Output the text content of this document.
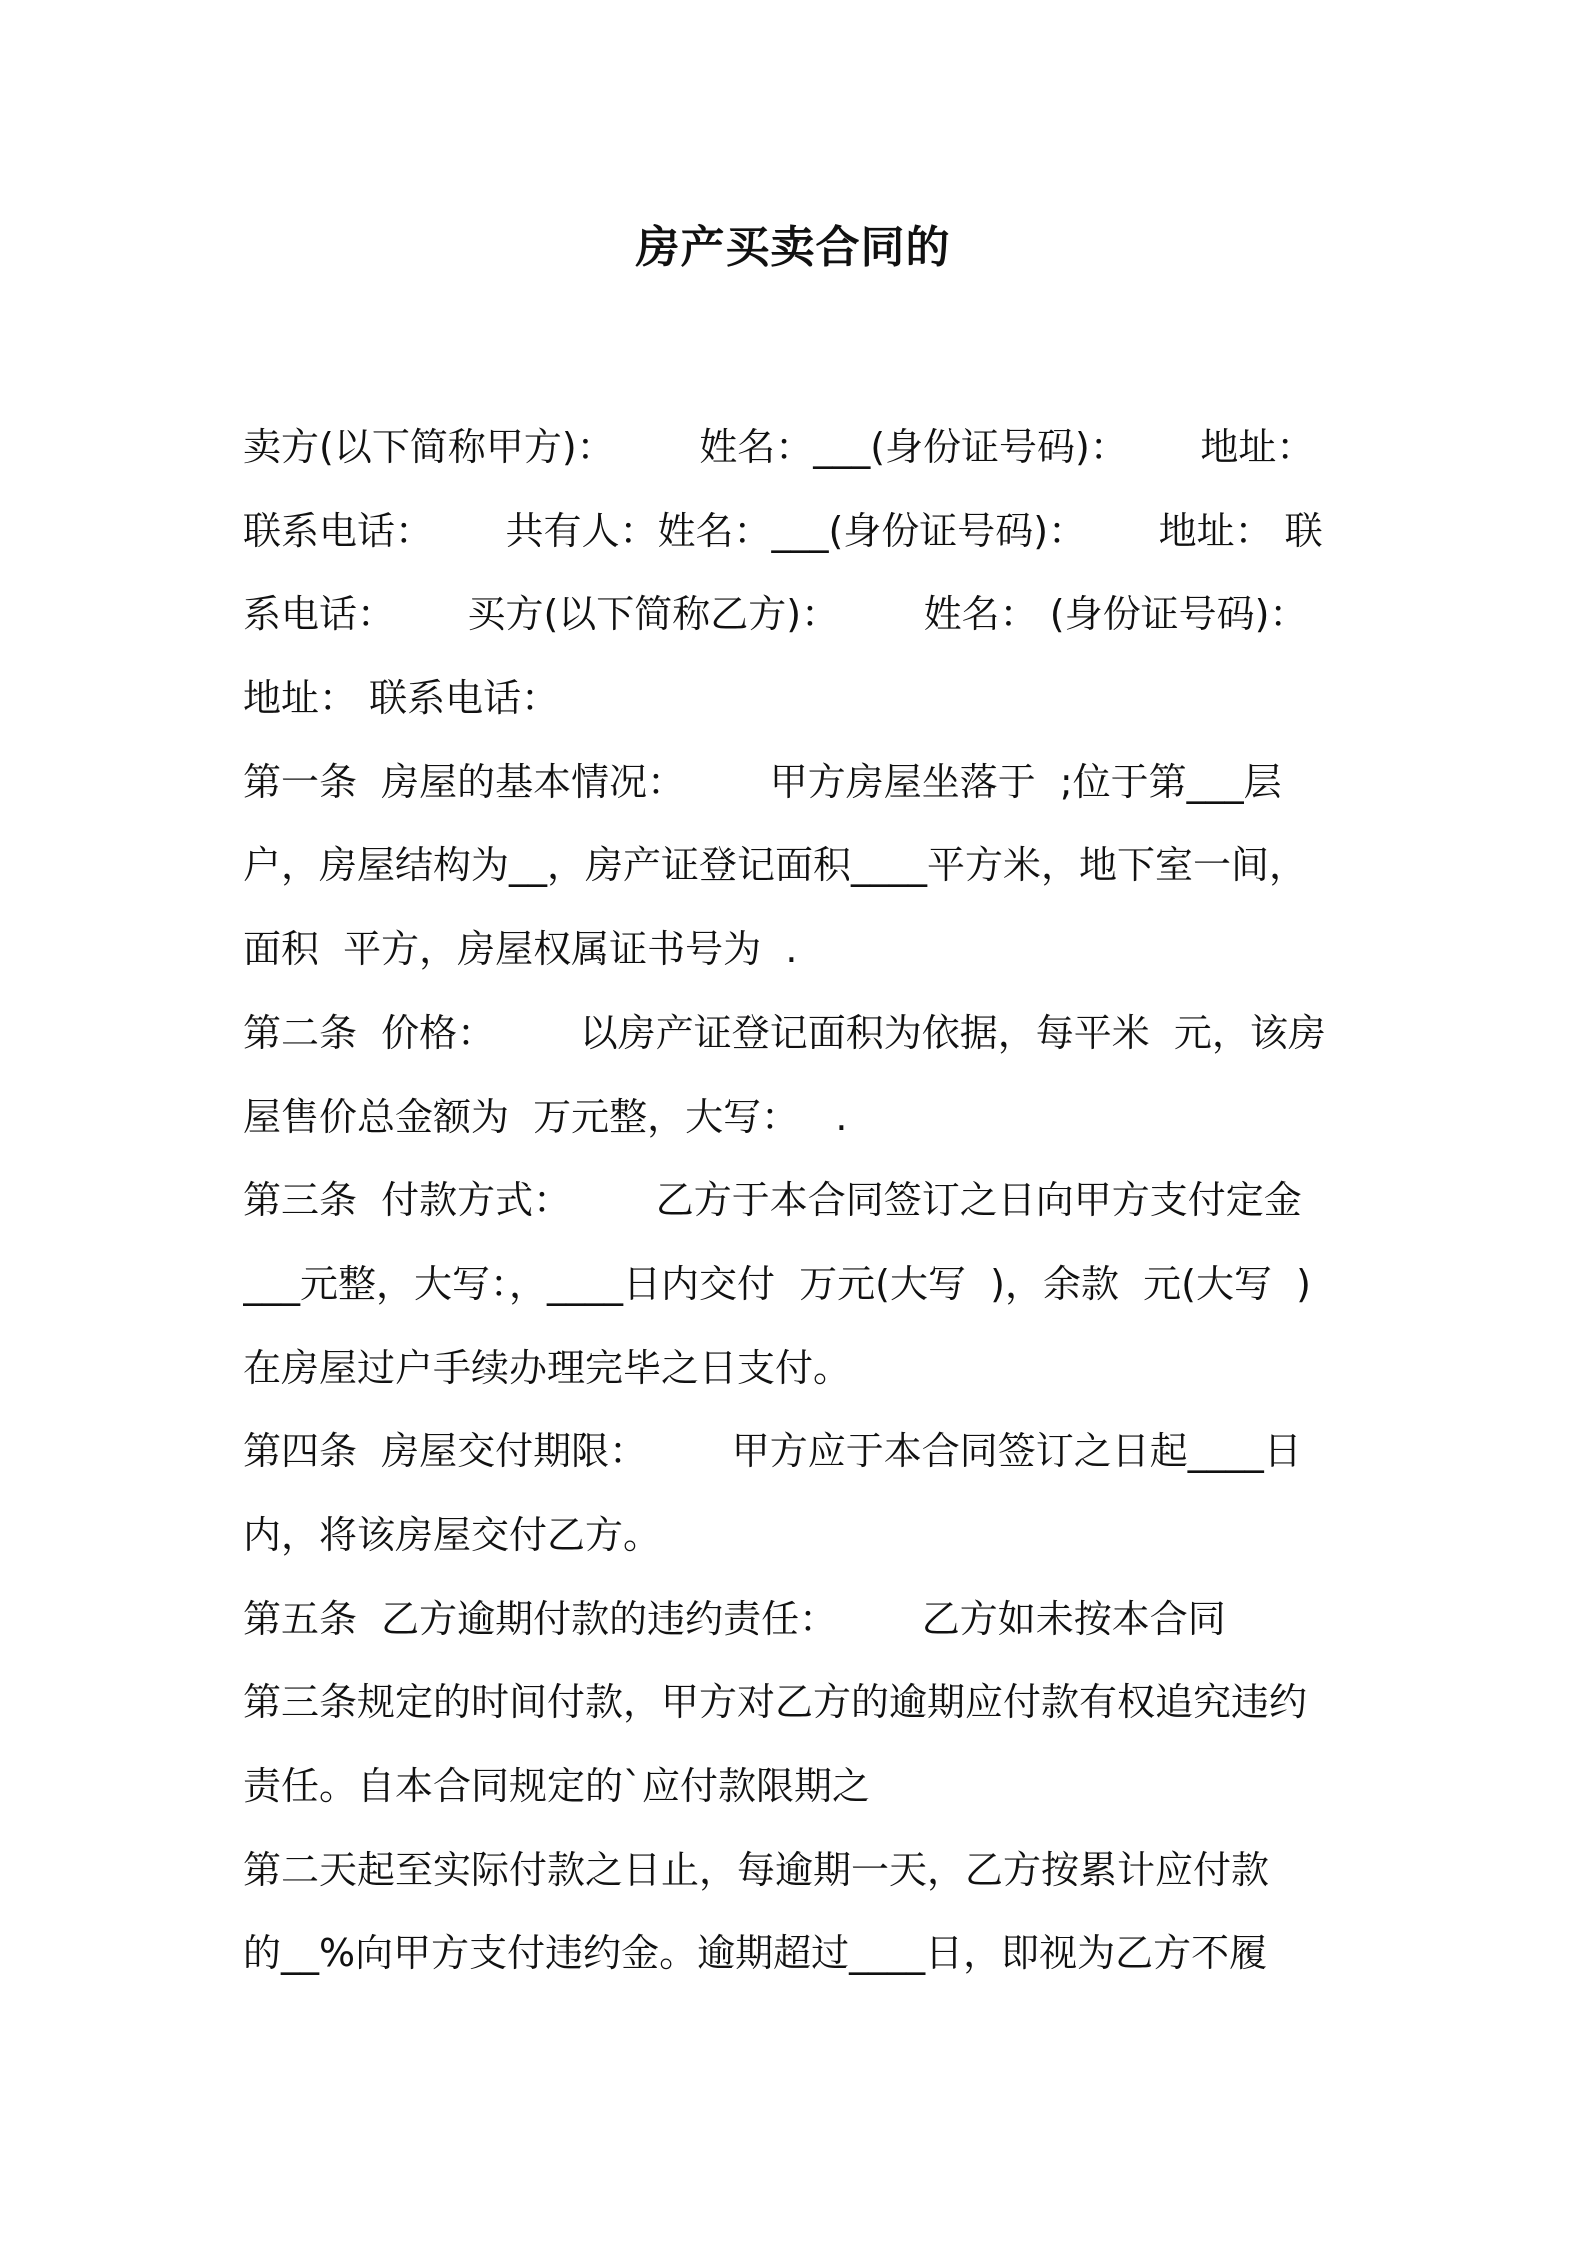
房产买卖合同的
卖方(以下简称甲方)：       姓名：___(身份证号码)：      地址：
联系电话：      共有人：姓名：___(身份证号码)：      地址： 联
系电话：      买方(以下简称乙方)：       姓名： (身份证号码)：
地址： 联系电话：
第一条  房屋的基本情况：       甲方房屋坐落于  ;位于第___层
户，房屋结构为__，房产证登记面积____平方米，地下室一间，
面积  平方，房屋权属证书号为  .
第二条  价格：       以房产证登记面积为依据，每平米  元，该房
屋售价总金额为  万元整，大写：   .
第三条  付款方式：       乙方于本合同签订之日向甲方支付定金
___元整，大写：，____日内交付  万元(大写  )，余款  元(大写  )
在房屋过户手续办理完毕之日支付。
第四条  房屋交付期限：       甲方应于本合同签订之日起____日
内，将该房屋交付乙方。
第五条  乙方逾期付款的违约责任：       乙方如未按本合同
第三条规定的时间付款，甲方对乙方的逾期应付款有权追究违约
责任。自本合同规定的`应付款限期之
第二天起至实际付款之日止，每逾期一天，乙方按累计应付款
的__%向甲方支付违约金。逾期超过____日，即视为乙方不履
